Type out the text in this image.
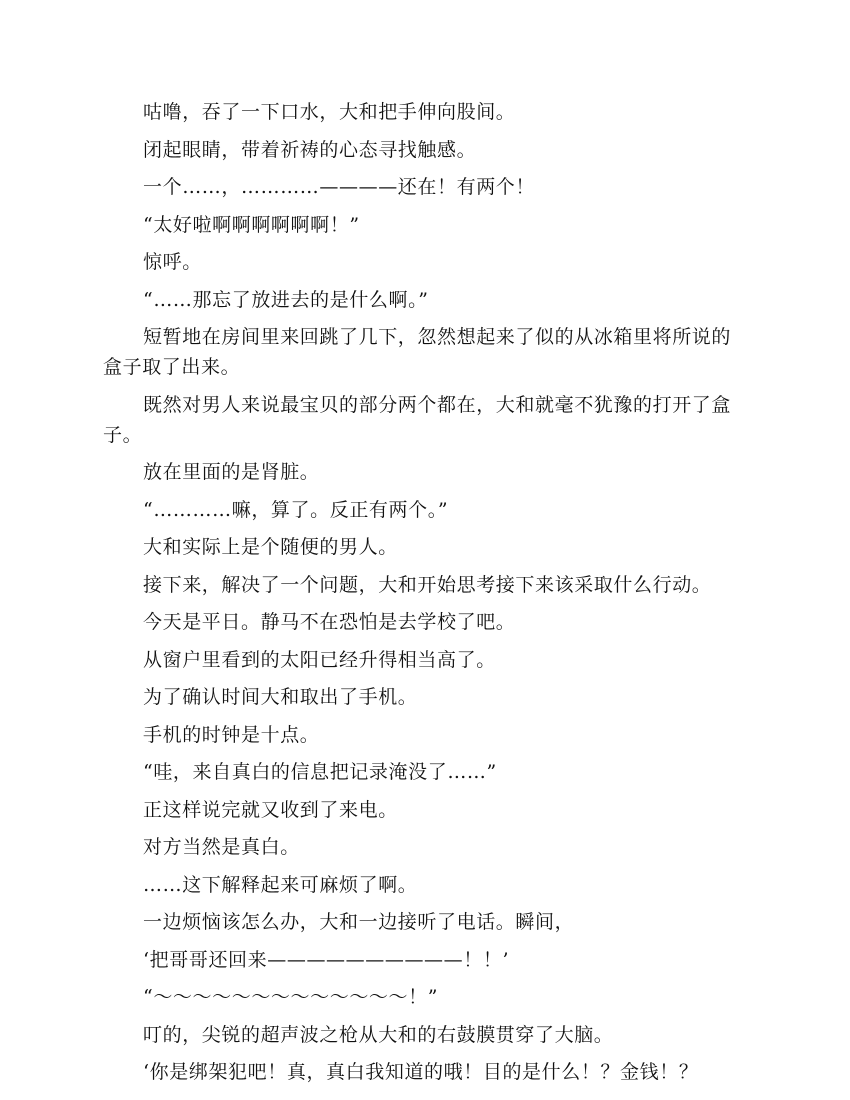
咕噜，吞了一下口水，大和把手伸向股间。

闭起眼睛，带着祈祷的心态寻找触感。

一个……，…………————还在！有两个！

“太好啦啊啊啊啊啊啊！”

惊呼。

“……那忘了放进去的是什么啊。”

短暂地在房间里来回跳了几下，忽然想起来了似的从冰箱里将所说的盒子取了出来。

既然对男人来说最宝贝的部分两个都在，大和就毫不犹豫的打开了盒子。

放在里面的是肾脏。

“…………嘛，算了。反正有两个。”

大和实际上是个随便的男人。

接下来，解决了一个问题，大和开始思考接下来该采取什么行动。

今天是平日。静马不在恐怕是去学校了吧。

从窗户里看到的太阳已经升得相当高了。

为了确认时间大和取出了手机。

手机的时钟是十点。

“哇，来自真白的信息把记录淹没了……”

正这样说完就又收到了来电。

对方当然是真白。

……这下解释起来可麻烦了啊。

一边烦恼该怎么办，大和一边接听了电话。瞬间，

‘把哥哥还回来——————————！！’

“～～～～～～～～～～～～～！”

叮的，尖锐的超声波之枪从大和的右鼓膜贯穿了大脑。

‘你是绑架犯吧！真，真白我知道的哦！目的是什么！？金钱！？
